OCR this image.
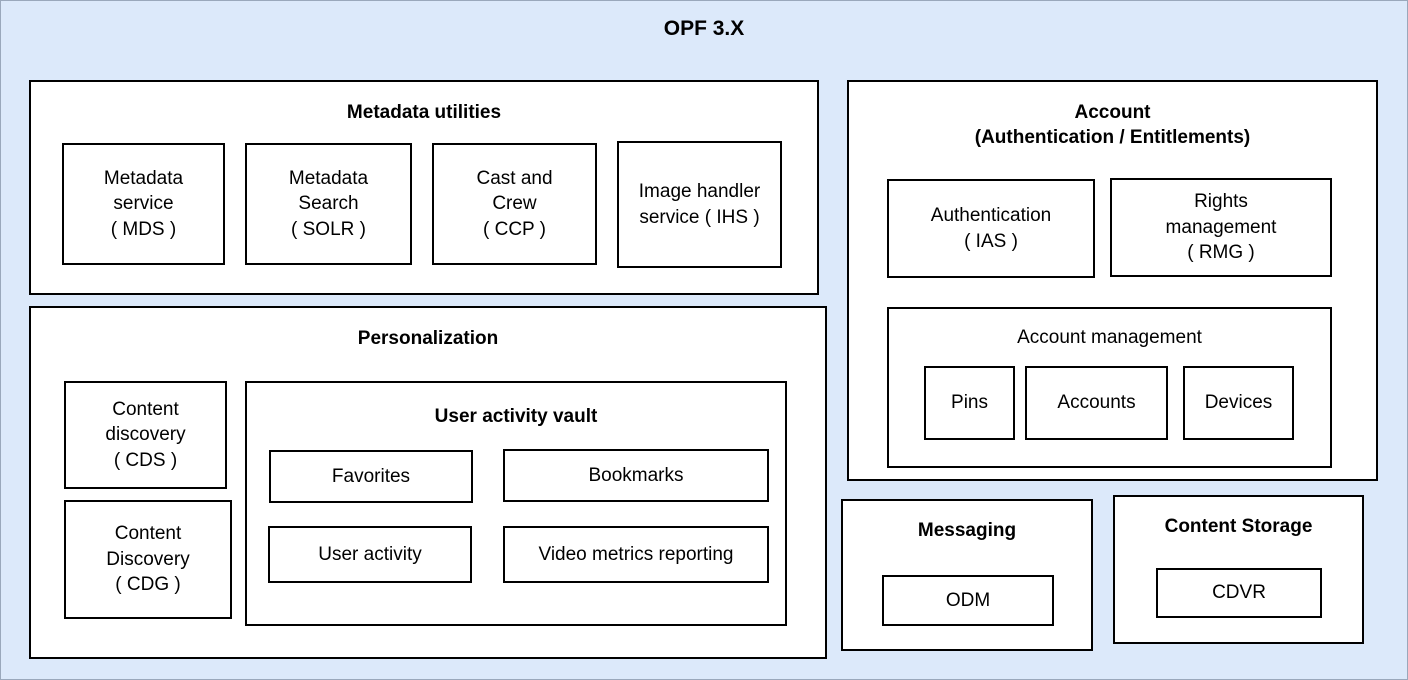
OPF 3.X
Metadata utilities
Metadata
service
( MDS )
Metadata
Search
( SOLR )
Cast and
Crew
( CCP )
Image handler
service ( IHS )
Personalization
Content
discovery
( CDS )
Content
Discovery
( CDG )
User activity vault
Favorites	Bookmarks
User activity	Video metrics reporting
Account
(Authentication / Entitlements)
Authentication
( IAS )
Rights
management
( RMG )
Account management
Pins	Accounts	Devices
Messaging
ODM
Content Storage
CDVR
